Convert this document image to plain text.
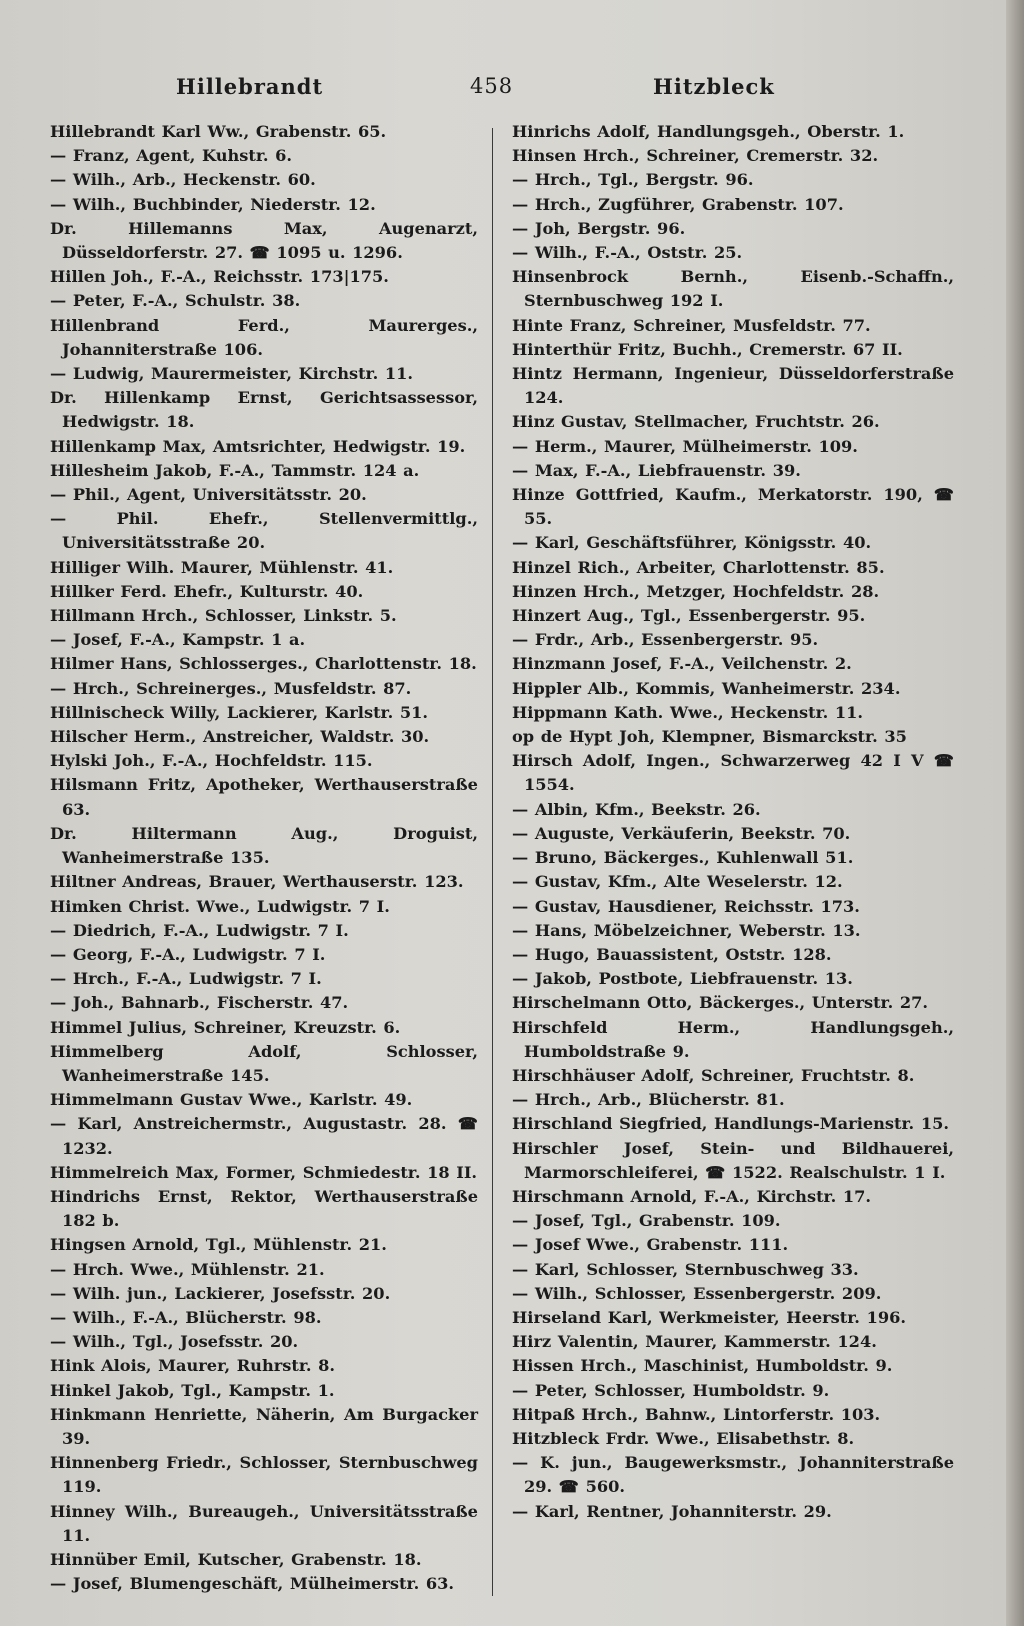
Hillebrandt	458	Hitzbleck

Hillebrandt Karl Ww., Grabenstr. 65.

— Franz, Agent, Kuhstr. 6.

— Wilh., Arb., Heckenstr. 60.

— Wilh., Buchbinder, Niederstr. 12.

Dr. Hillemanns Max, Augenarzt, Düsseldorferstr. 27. ☎ 1095 u. 1296.

Hillen Joh., F.-A., Reichsstr. 173|175.

— Peter, F.-A., Schulstr. 38.

Hillenbrand Ferd., Maurerges., Johanniterstraße 106.

— Ludwig, Maurermeister, Kirchstr. 11.

Dr. Hillenkamp Ernst, Gerichtsassessor, Hedwigstr. 18.

Hillenkamp Max, Amtsrichter, Hedwigstr. 19.

Hillesheim Jakob, F.-A., Tammstr. 124 a.

— Phil., Agent, Universitätsstr. 20.

— Phil. Ehefr., Stellenvermittlg., Universitätsstraße 20.

Hilliger Wilh. Maurer, Mühlenstr. 41.

Hillker Ferd. Ehefr., Kulturstr. 40.

Hillmann Hrch., Schlosser, Linkstr. 5.

— Josef, F.-A., Kampstr. 1 a.

Hilmer Hans, Schlosserges., Charlottenstr. 18.

— Hrch., Schreinerges., Musfeldstr. 87.

Hillnischeck Willy, Lackierer, Karlstr. 51.

Hilscher Herm., Anstreicher, Waldstr. 30.

Hylski Joh., F.-A., Hochfeldstr. 115.

Hilsmann Fritz, Apotheker, Werthauserstraße 63.

Dr. Hiltermann Aug., Droguist, Wanheimerstraße 135.

Hiltner Andreas, Brauer, Werthauserstr. 123.

Himken Christ. Wwe., Ludwigstr. 7 I.

— Diedrich, F.-A., Ludwigstr. 7 I.

— Georg, F.-A., Ludwigstr. 7 I.

— Hrch., F.-A., Ludwigstr. 7 I.

— Joh., Bahnarb., Fischerstr. 47.

Himmel Julius, Schreiner, Kreuzstr. 6.

Himmelberg Adolf, Schlosser, Wanheimerstraße 145.

Himmelmann Gustav Wwe., Karlstr. 49.

— Karl, Anstreichermstr., Augustastr. 28. ☎ 1232.

Himmelreich Max, Former, Schmiedestr. 18 II.

Hindrichs Ernst, Rektor, Werthauserstraße 182 b.

Hingsen Arnold, Tgl., Mühlenstr. 21.

— Hrch. Wwe., Mühlenstr. 21.

— Wilh. jun., Lackierer, Josefsstr. 20.

— Wilh., F.-A., Blücherstr. 98.

— Wilh., Tgl., Josefsstr. 20.

Hink Alois, Maurer, Ruhrstr. 8.

Hinkel Jakob, Tgl., Kampstr. 1.

Hinkmann Henriette, Näherin, Am Burgacker 39.

Hinnenberg Friedr., Schlosser, Sternbuschweg 119.

Hinney Wilh., Bureaugeh., Universitätsstraße 11.

Hinnüber Emil, Kutscher, Grabenstr. 18.

— Josef, Blumengeschäft, Mülheimerstr. 63.

Hinrichs Adolf, Handlungsgeh., Oberstr. 1.

Hinsen Hrch., Schreiner, Cremerstr. 32.

— Hrch., Tgl., Bergstr. 96.

— Hrch., Zugführer, Grabenstr. 107.

— Joh, Bergstr. 96.

— Wilh., F.-A., Oststr. 25.

Hinsenbrock Bernh., Eisenb.-Schaffn., Sternbuschweg 192 I.

Hinte Franz, Schreiner, Musfeldstr. 77.

Hinterthür Fritz, Buchh., Cremerstr. 67 II.

Hintz Hermann, Ingenieur, Düsseldorferstraße 124.

Hinz Gustav, Stellmacher, Fruchtstr. 26.

— Herm., Maurer, Mülheimerstr. 109.

— Max, F.-A., Liebfrauenstr. 39.

Hinze Gottfried, Kaufm., Merkatorstr. 190, ☎ 55.

— Karl, Geschäftsführer, Königsstr. 40.

Hinzel Rich., Arbeiter, Charlottenstr. 85.

Hinzen Hrch., Metzger, Hochfeldstr. 28.

Hinzert Aug., Tgl., Essenbergerstr. 95.

— Frdr., Arb., Essenbergerstr. 95.

Hinzmann Josef, F.-A., Veilchenstr. 2.

Hippler Alb., Kommis, Wanheimerstr. 234.

Hippmann Kath. Wwe., Heckenstr. 11.

op de Hypt Joh, Klempner, Bismarckstr. 35

Hirsch Adolf, Ingen., Schwarzerweg 42 I V ☎ 1554.

— Albin, Kfm., Beekstr. 26.

— Auguste, Verkäuferin, Beekstr. 70.

— Bruno, Bäckerges., Kuhlenwall 51.

— Gustav, Kfm., Alte Weselerstr. 12.

— Gustav, Hausdiener, Reichsstr. 173.

— Hans, Möbelzeichner, Weberstr. 13.

— Hugo, Bauassistent, Oststr. 128.

— Jakob, Postbote, Liebfrauenstr. 13.

Hirschelmann Otto, Bäckerges., Unterstr. 27.

Hirschfeld Herm., Handlungsgeh., Humboldstraße 9.

Hirschhäuser Adolf, Schreiner, Fruchtstr. 8.

— Hrch., Arb., Blücherstr. 81.

Hirschland Siegfried, Handlungs-Marienstr. 15.

Hirschler Josef, Stein- und Bildhauerei, Marmorschleiferei, ☎ 1522. Realschulstr. 1 I.

Hirschmann Arnold, F.-A., Kirchstr. 17.

— Josef, Tgl., Grabenstr. 109.

— Josef Wwe., Grabenstr. 111.

— Karl, Schlosser, Sternbuschweg 33.

— Wilh., Schlosser, Essenbergerstr. 209.

Hirseland Karl, Werkmeister, Heerstr. 196.

Hirz Valentin, Maurer, Kammerstr. 124.

Hissen Hrch., Maschinist, Humboldstr. 9.

— Peter, Schlosser, Humboldstr. 9.

Hitpaß Hrch., Bahnw., Lintorferstr. 103.

Hitzbleck Frdr. Wwe., Elisabethstr. 8.

— K. jun., Baugewerksmstr., Johanniterstraße 29. ☎ 560.

— Karl, Rentner, Johanniterstr. 29.
